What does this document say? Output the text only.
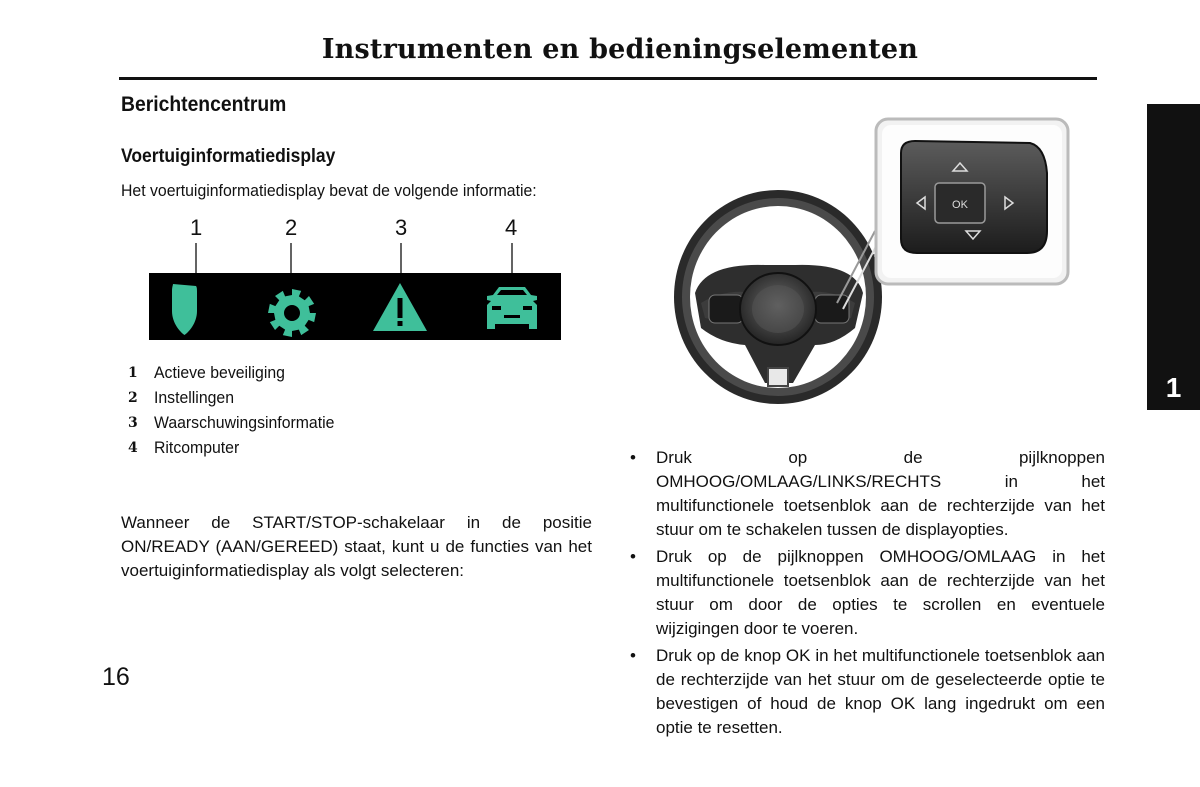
Instrumenten en bedieningselementen
Berichtencentrum
Voertuiginformatiedisplay
Het voertuiginformatiedisplay bevat de volgende informatie:
1	2	3	4
1 Actieve beveiliging
2 Instellingen
3 Waarschuwingsinformatie
4 Ritcomputer
Wanneer de START/STOP-schakelaar in de positie ON/READY (AAN/GEREED) staat, kunt u de functies van het voertuiginformatiedisplay als volgt selecteren:
16
1
OK
• Druk op de pijlknoppen OMHOOG/OMLAAG/LINKS/RECHTS in het multifunctionele toetsenblok aan de rechterzijde van het stuur om te schakelen tussen de displayopties.
• Druk op de pijlknoppen OMHOOG/OMLAAG in het multifunctionele toetsenblok aan de rechterzijde van het stuur om door de opties te scrollen en eventuele wijzigingen door te voeren.
• Druk op de knop OK in het multifunctionele toetsenblok aan de rechterzijde van het stuur om de geselecteerde optie te bevestigen of houd de knop OK lang ingedrukt om een optie te resetten.
